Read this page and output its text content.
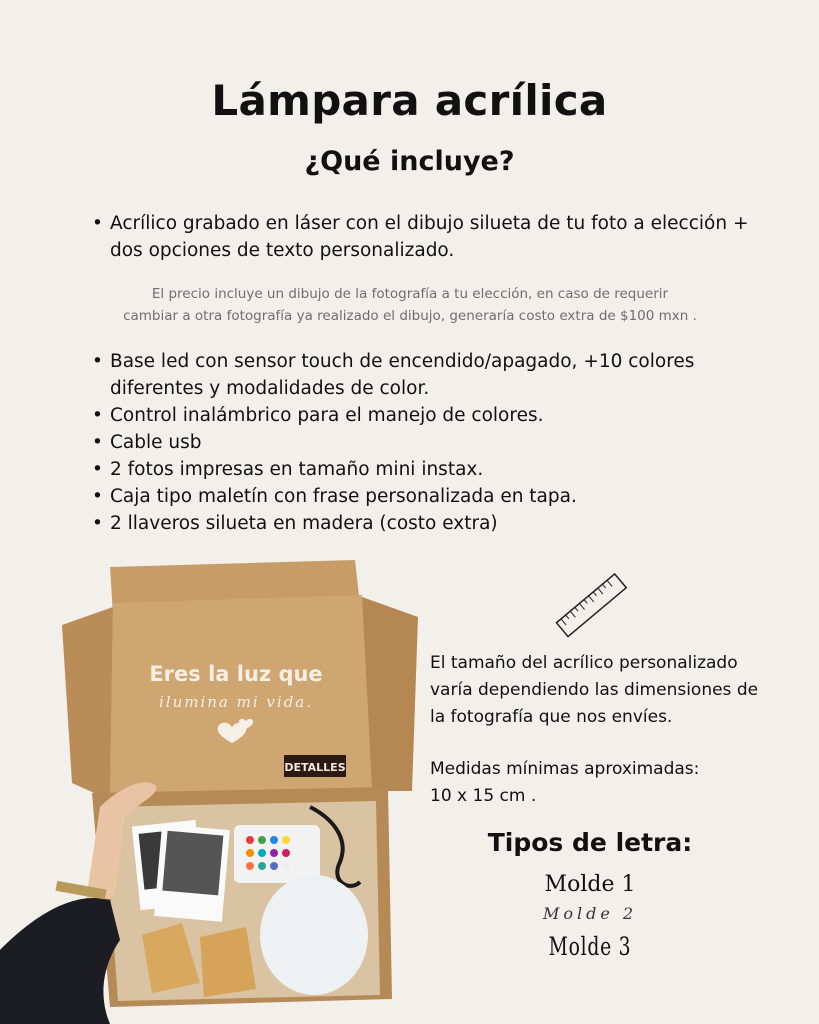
Lámpara acrílica
¿Qué incluye?
• Acrílico grabado en láser con el dibujo silueta de tu foto a elección + dos opciones de texto personalizado.
El precio incluye un dibujo de la fotografía a tu elección, en caso de requerir
cambiar a otra fotografía ya realizado el dibujo, generaría costo extra de $100 mxn .
• Base led con sensor touch de encendido/apagado, +10 colores diferentes y modalidades de color.
• Control inalámbrico para el manejo de colores.
• Cable usb
• 2 fotos impresas en tamaño mini instax.
• Caja tipo maletín con frase personalizada en tapa.
• 2 llaveros silueta en madera (costo extra)
Eres la luz que
ilumina mi vida.
DETALLES

El tamaño del acrílico personalizado

varía dependiendo las dimensiones de

la fotografía que nos envíes.

Medidas mínimas aproximadas:

10 x 15 cm .

Tipos de letra:
Molde 1
Molde 2
Molde 3
